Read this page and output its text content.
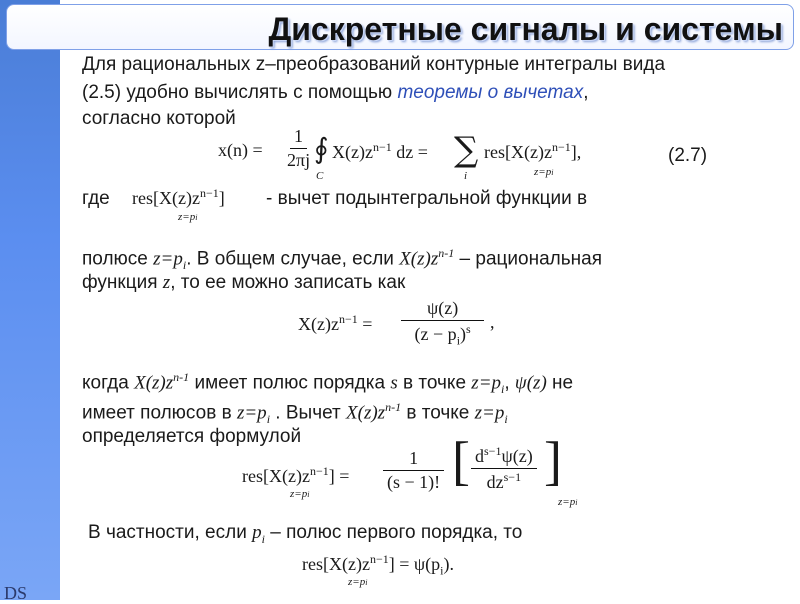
DS
Дискретные сигналы и системы
Для рациональных z–преобразований контурные интегралы вида
(2.5) удобно вычислять с помощью теоремы о вычетах,
согласно которой
$x(n) = \frac{1}{2\pi j}$ ∮
C
$X(z)z^{n-1}$ dz = ∑
i
$res[X(z)z^{n-1}]$,
z=pi
(2.7)
где $res[X(z)z^{n-1}]$
z=pi
- вычет подынтегральной функции в
полюсе $z=p_i$. В общем случае, если $X(z)z^{n-1}$ – рациональная
функция z, то ее можно записать как
$X(z)z^{n-1} = \frac{\psi(z)}{(z - p_i)^s}$ ,
когда $X(z)z^{n-1}$ имеет полюс порядка s в точке $z=p_i$, ψ(z) не
имеет полюсов в $z=p_i$ . Вычет $X(z)z^{n-1}$ в точке $z=p_i$
определяется формулой
$res[X(z)z^{n-1}]$ =
z=pi
$\frac{1}{(s - 1)!}$ [ $d^{s-1}\psi(z)$
$dz^{s-1}$ ]
z=pi
В частности, если $p_i$ – полюс первого порядка, то
$res[X(z)z^{n-1}] = \psi(p_i)$.
z=pi
